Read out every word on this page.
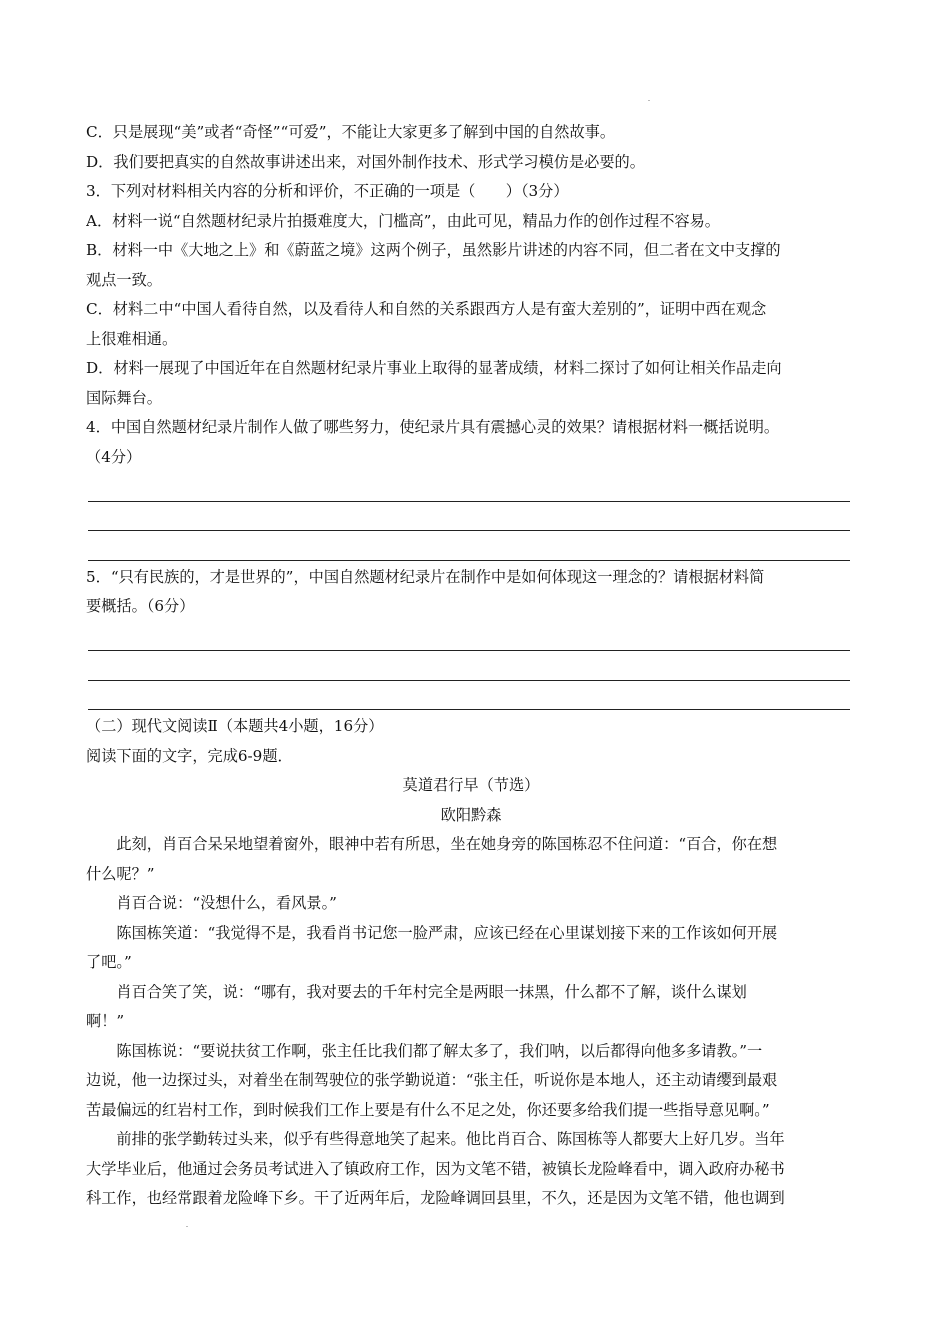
C．只是展现“美”或者“奇怪”“可爱”，不能让大家更多了解到中国的自然故事。
D．我们要把真实的自然故事讲述出来，对国外制作技术、形式学习模仿是必要的。
3．下列对材料相关内容的分析和评价，不正确的一项是（　　）（3分）
A．材料一说“自然题材纪录片拍摄难度大，门槛高”，由此可见，精品力作的创作过程不容易。
B．材料一中《大地之上》和《蔚蓝之境》这两个例子，虽然影片讲述的内容不同，但二者在文中支撑的
观点一致。
C．材料二中“中国人看待自然，以及看待人和自然的关系跟西方人是有蛮大差别的”，证明中西在观念
上很难相通。
D．材料一展现了中国近年在自然题材纪录片事业上取得的显著成绩，材料二探讨了如何让相关作品走向
国际舞台。
4．中国自然题材纪录片制作人做了哪些努力，使纪录片具有震撼心灵的效果？请根据材料一概括说明。
（4分）
5．“只有民族的，才是世界的”，中国自然题材纪录片在制作中是如何体现这一理念的？请根据材料简
要概括。（6分）
（二）现代文阅读Ⅱ（本题共4小题，16分）
阅读下面的文字，完成6-9题．
莫道君行早（节选）
欧阳黔森
此刻，肖百合呆呆地望着窗外，眼神中若有所思，坐在她身旁的陈国栋忍不住问道：“百合，你在想
什么呢？”
肖百合说：“没想什么，看风景。”
陈国栋笑道：“我觉得不是，我看肖书记您一脸严肃，应该已经在心里谋划接下来的工作该如何开展
了吧。”
肖百合笑了笑，说：“哪有，我对要去的千年村完全是两眼一抹黑，什么都不了解，谈什么谋划
啊！”
陈国栋说：“要说扶贫工作啊，张主任比我们都了解太多了，我们呐，以后都得向他多多请教。”一
边说，他一边探过头，对着坐在制驾驶位的张学勤说道：“张主任，听说你是本地人，还主动请缨到最艰
苦最偏远的红岩村工作，到时候我们工作上要是有什么不足之处，你还要多给我们提一些指导意见啊。”
前排的张学勤转过头来，似乎有些得意地笑了起来。他比肖百合、陈国栋等人都要大上好几岁。当年
大学毕业后，他通过会务员考试进入了镇政府工作，因为文笔不错，被镇长龙险峰看中，调入政府办秘书
科工作，也经常跟着龙险峰下乡。干了近两年后，龙险峰调回县里，不久，还是因为文笔不错，他也调到
